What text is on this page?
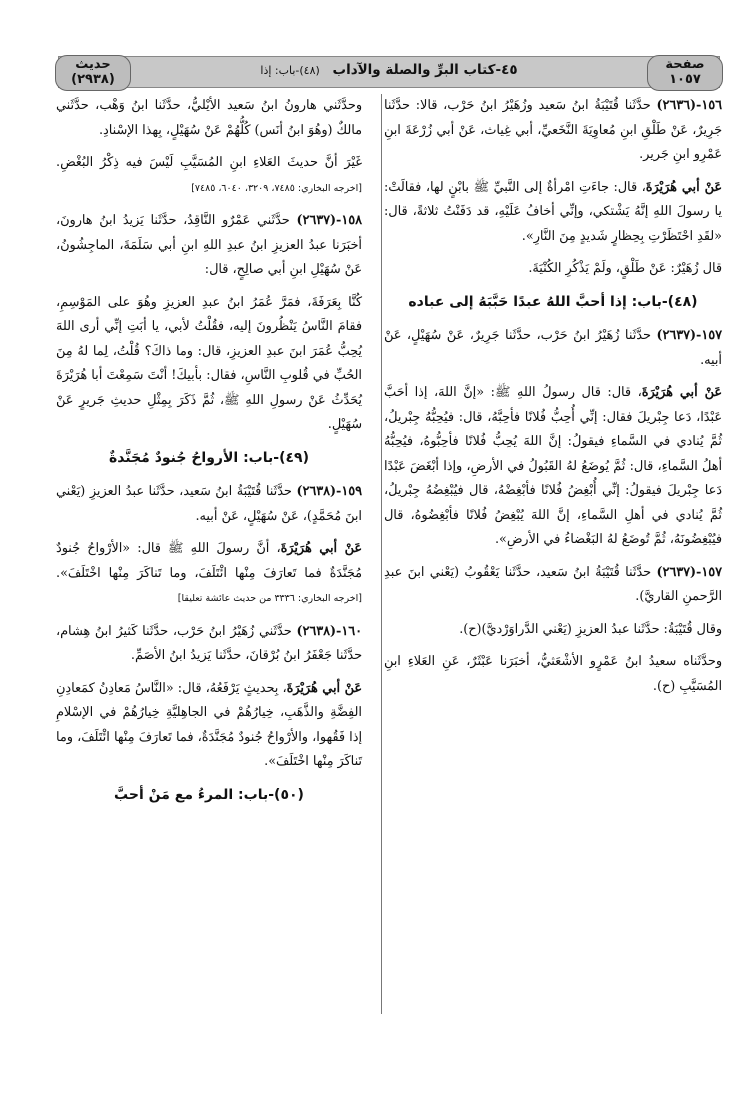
صفحة
١٠٥٧
٤٥-كتاب البرِّ والصلة والآداب (٤٨)-باب: إذا
حديث
(٢٩٣٨)

١٥٦-(٢٦٣٦) حدَّثَنا قُتَيْبَةُ ابنُ سَعيد وزُهَيْرُ ابنُ حَرْب، قالا: حدَّثَنا جَرِيرٌ، عَنْ طَلْقِ ابنِ مُعاوِيَةَ النَّخَعيِّ، أبي غِياث، عَنْ أبي زُرْعَةَ ابنِ عَمْرِو ابنِ جَرير.

عَنْ أبي هُرَيْرَةَ، قال: جاءَتِ امْرأةٌ إلى النَّبيِّ ﷺ بابْنٍ لها، فقالَتْ: يا رسولَ اللهِ إنَّهُ يَشْتكي، وإنِّي أخافُ عَلَيْهِ، قد دَفَنْتُ ثلاثةً، قال: «لقَدِ احْتَظَرْتِ بِحِظارٍ شَديدٍ مِنَ النَّارِ».

قال زُهَيْرٌ: عَنْ طَلْقٍ، ولَمْ يَذْكُرِ الكُنْيَةَ.

(٤٨)-باب: إذا أحبَّ اللهُ عبدًا حَبَّبَهُ إلى عباده

١٥٧-(٢٦٣٧) حدَّثَنا زُهَيْرُ ابنُ حَرْب، حدَّثَنا جَرِيرٌ، عَنْ سُهَيْلٍ، عَنْ أبيه.

عَنْ أبي هُرَيْرَةَ، قال: قال رسولُ اللهِ ﷺ: «إنَّ اللهَ، إذا أحَبَّ عَبْدًا، دَعا جِبْريلَ فقال: إنِّي أُحِبُّ فُلانًا فأحِبَّهُ، قال: فيُحِبُّهُ جِبْريلُ، ثُمَّ يُنادي في السَّماءِ فيقولُ: إنَّ اللهَ يُحِبُّ فُلانًا فأحِبُّوهُ، فيُحِبُّهُ أهلُ السَّماءِ، قال: ثُمَّ يُوضَعُ لهُ القَبُولُ في الأرضِ، وإذا أبْغَضَ عَبْدًا دَعا جِبْريلَ فيقولُ: إنِّي أُبْغِضُ فُلانًا فأبْغِضْهُ، قال فيُبْغِضُهُ جِبْريلُ، ثُمَّ يُنادي في أهلِ السَّماءِ، إنَّ اللهَ يُبْغِضُ فُلانًا فأبْغِضُوهُ، قال فيُبْغِضُونَهُ، ثُمَّ تُوضَعُ لهُ البَغْضاءُ في الأرضِ».

١٥٧-(٢٦٣٧) حدَّثَنا قُتَيْبَةُ ابنُ سَعيد، حدَّثَنا يَعْقُوبُ (يَعْني ابنَ عبدِ الرَّحمنِ القاريَّ).

وقال قُتَيْبَةُ: حدَّثَنا عبدُ العزيزِ (يَعْني الدَّراوَرْديَّ)(ح).

وحدَّثَناه سعيدُ ابنُ عَمْرٍو الأشْعَثيُّ، أخبَرَنا عَبْثَرٌ، عَنِ العَلاءِ ابنِ المُسَيَّبِ (ح).

وحدَّثَني هارونُ ابنُ سَعيد الأيْليُّ، حدَّثَنا ابنُ وَهْب، حدَّثَني مالكٌ (وهُوَ ابنُ أنَس) كُلُّهُمْ عَنْ سُهَيْلٍ، بِهذا الإسْنادِ.

غَيْرَ أنَّ حديثَ العَلاءِ ابنِ المُسَيَّبِ لَيْسَ فيه ذِكْرُ البُغْضِ. [اخرجه البخاري: ٧٤٨٥، ٣٢٠٩، ٦٠٤٠، ٧٤٨٥]

١٥٨-(٢٦٣٧) حدَّثَني عَمْرٌو النَّاقِدُ، حدَّثَنا يَزيدُ ابنُ هارونَ، أخبَرَنا عبدُ العزيزِ ابنُ عبدِ اللهِ ابنِ أبي سَلَمَةَ، الماجِشُونُ، عَنْ سُهَيْلِ ابنِ أبي صالِحٍ، قال:

كُنَّا بِعَرَفَةَ، فمَرَّ عُمَرُ ابنُ عبدِ العزيزِ وهُوَ على المَوْسِمِ، فقامَ النَّاسُ يَنْظُرونَ إليه، فقُلْتُ لأبي، يا أبَتِ إنِّي أرى اللهَ يُحِبُّ عُمَرَ ابنَ عبدِ العزيزِ، قال: وما ذاكَ؟ قُلْتُ، لِما لهُ مِنَ الحُبِّ في قُلوبِ النَّاسِ، فقال: بأبيكَ! أنْتَ سَمِعْتَ أبا هُرَيْرَةَ يُحَدِّثُ عَنْ رسولِ اللهِ ﷺ، ثُمَّ ذَكَرَ بِمِثْلِ حديثِ جَريرٍ عَنْ سُهَيْلٍ.

(٤٩)-باب: الأرواحُ جُنودٌ مُجَنَّدةٌ

١٥٩-(٢٦٣٨) حدَّثَنا قُتَيْبَةُ ابنُ سَعيد، حدَّثَنا عبدُ العزيزِ (يَعْني ابنَ مُحَمَّدٍ)، عَنْ سُهَيْلٍ، عَنْ أبيه.

عَنْ أبي هُرَيْرَةَ، أنَّ رسولَ اللهِ ﷺ قال: «الأرْواحُ جُنودٌ مُجَنَّدَةٌ فما تَعارَفَ مِنْها ائْتَلَفَ، وما تَناكَرَ مِنْها اخْتَلَفَ». [اخرجه البخاري: ٣٣٣٦ من حديث عائشة تعليقا]

١٦٠-(٢٦٣٨) حدَّثَني زُهَيْرُ ابنُ حَرْب، حدَّثَنا كَثيرُ ابنُ هِشام، حدَّثَنا جَعْفَرُ ابنُ بُرْقانَ، حدَّثَنا يَزيدُ ابنُ الأصَمِّ.

عَنْ أبي هُرَيْرَةَ، بِحديثٍ يَرْفَعُهُ، قال: «النَّاسُ مَعادِنُ كمَعادِنِ الفِضَّةِ والذَّهَبِ، خِيارُهُمْ في الجاهِليَّةِ خِيارُهُمْ في الإسْلامِ إذا فَقُهوا، والأرْواحُ جُنودٌ مُجَنَّدَةٌ، فما تَعارَفَ مِنْها ائْتَلَفَ، وما تَناكَرَ مِنْها اخْتَلَفَ».

(٥٠)-باب: المرءُ مع مَنْ أحبَّ
